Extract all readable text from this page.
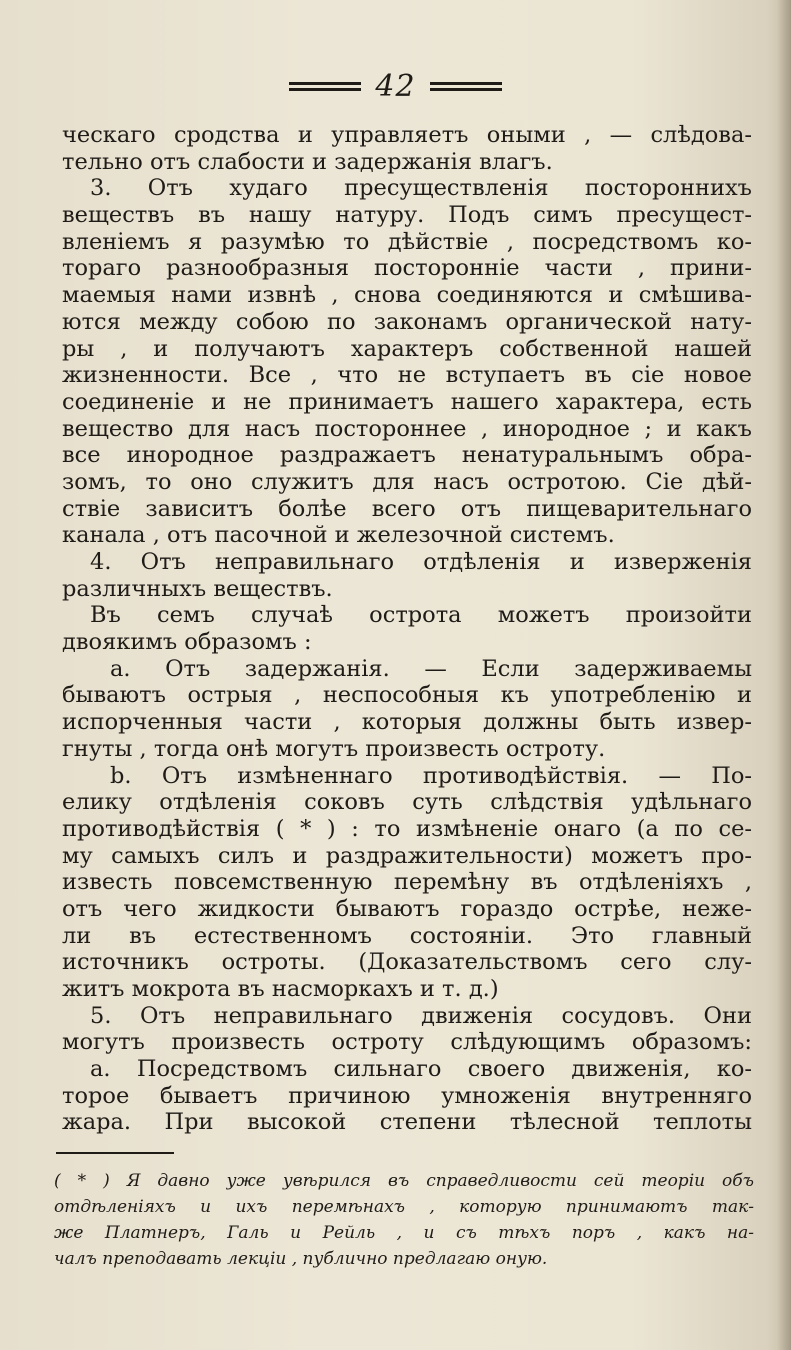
42
ческаго сродства и управляетъ оными , — слѣдова-
тельно отъ слабости и задержанія влагъ.
3. Отъ худаго пресуществленія постороннихъ
веществъ въ нашу натуру. Подъ симъ пресущест-
вленіемъ я разумѣю то дѣйствіе , посредствомъ ко-
тораго разнообразныя посторонніе части , прини-
маемыя нами извнѣ , снова соединяются и смѣшива-
ются между собою по законамъ органической нату-
ры , и получаютъ характеръ собственной нашей
жизненности. Все , что не вступаетъ въ сіе новое
соединеніе и не принимаетъ нашего характера, есть
вещество для насъ постороннее , инородное ; и какъ
все инородное раздражаетъ ненатуральнымъ обра-
зомъ, то оно служитъ для насъ остротою. Сіе дѣй-
ствіе зависитъ болѣе всего отъ пищеварительнаго
канала , отъ пасочной и железочной системъ.
4. Отъ неправильнаго отдѣленія и изверженія
различныхъ веществъ.
Въ семъ случаѣ острота можетъ произойти
двоякимъ образомъ :
a. Отъ задержанія. — Если задерживаемы
бываютъ острыя , неспособныя къ употребленію и
испорченныя части , которыя должны быть извер-
гнуты , тогда онѣ могутъ произвесть остроту.
b. Отъ измѣненнаго противодѣйствія. — По-
елику отдѣленія соковъ суть слѣдствія удѣльнаго
противодѣйствія ( * ) : то измѣненіе онаго (а по се-
му самыхъ силъ и раздражительности) можетъ про-
известь повсемственную перемѣну въ отдѣленіяхъ ,
отъ чего жидкости бываютъ гораздо острѣе, нeже-
ли въ естественномъ состояніи. Это главный
источникъ остроты. (Доказательствомъ сего слу-
житъ мокрота въ насморкахъ и т. д.)
5. Отъ неправильнаго движенія сосудовъ. Они
могутъ произвесть остроту слѣдующимъ образомъ:
a. Посредствомъ сильнаго своего движенія, ко-
торое бываетъ причиною умноженія внутренняго
жара. При высокой степени тѣлесной теплоты
( * ) Я давно уже увѣрился въ справедливости сей теоріи объ
отдѣленіяхъ и ихъ перемѣнахъ , которую принимаютъ так-
же Платнеръ, Галь и Рейль , и съ тѣхъ поръ , какъ на-
чалъ преподавать лекціи , публично предлагаю оную.
